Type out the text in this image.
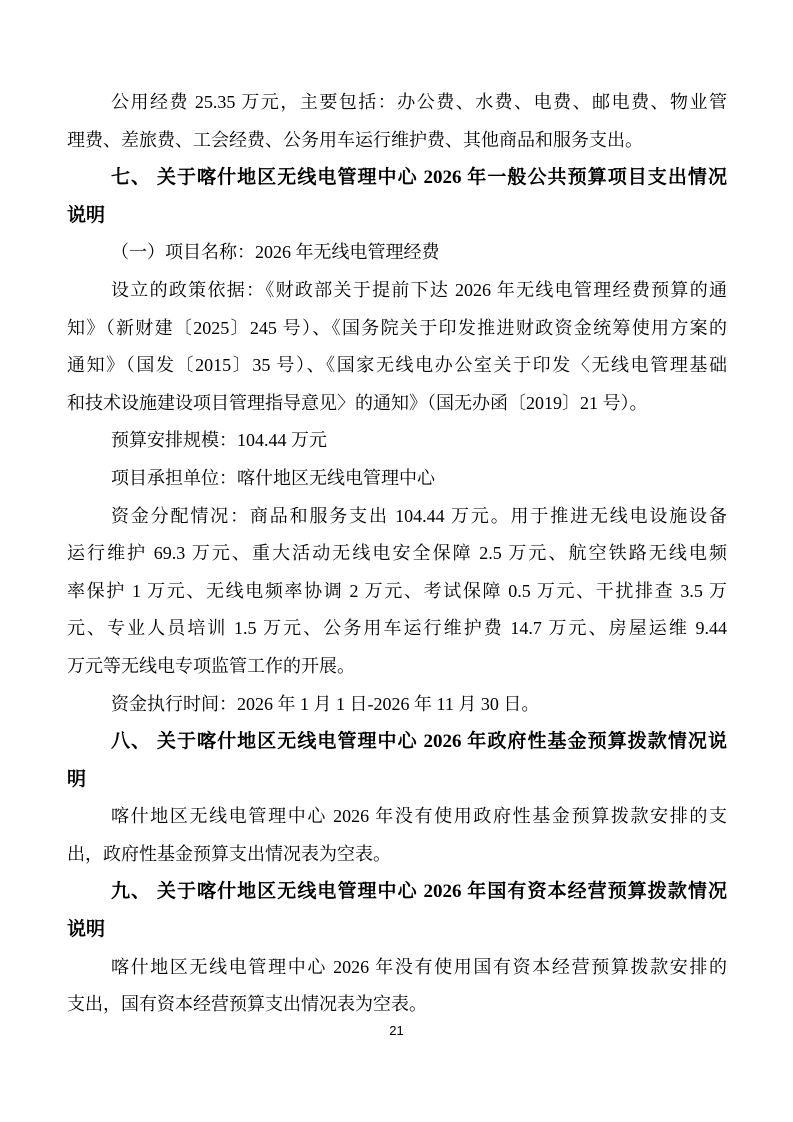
公用经费 25.35 万元，主要包括：办公费、水费、电费、邮电费、物业管
理费、差旅费、工会经费、公务用车运行维护费、其他商品和服务支出。
七、 关于喀什地区无线电管理中心 2026 年一般公共预算项目支出情况
说明
（一）项目名称：2026 年无线电管理经费
设立的政策依据：《财政部关于提前下达 2026 年无线电管理经费预算的通
知》（新财建〔2025〕245 号）、《国务院关于印发推进财政资金统筹使用方案的
通知》（国发〔2015〕35 号）、《国家无线电办公室关于印发〈无线电管理基础
和技术设施建设项目管理指导意见〉的通知》（国无办函〔2019〕21 号）。
预算安排规模：104.44 万元
项目承担单位：喀什地区无线电管理中心
资金分配情况：商品和服务支出 104.44 万元。用于推进无线电设施设备
运行维护 69.3 万元、重大活动无线电安全保障 2.5 万元、航空铁路无线电频
率保护 1 万元、无线电频率协调 2 万元、考试保障 0.5 万元、干扰排查 3.5 万
元、专业人员培训 1.5 万元、公务用车运行维护费 14.7 万元、房屋运维 9.44
万元等无线电专项监管工作的开展。
资金执行时间：2026 年 1 月 1 日-2026 年 11 月 30 日。
八、 关于喀什地区无线电管理中心 2026 年政府性基金预算拨款情况说
明
喀什地区无线电管理中心 2026 年没有使用政府性基金预算拨款安排的支
出，政府性基金预算支出情况表为空表。
九、 关于喀什地区无线电管理中心 2026 年国有资本经营预算拨款情况
说明
喀什地区无线电管理中心 2026 年没有使用国有资本经营预算拨款安排的
支出，国有资本经营预算支出情况表为空表。
21
